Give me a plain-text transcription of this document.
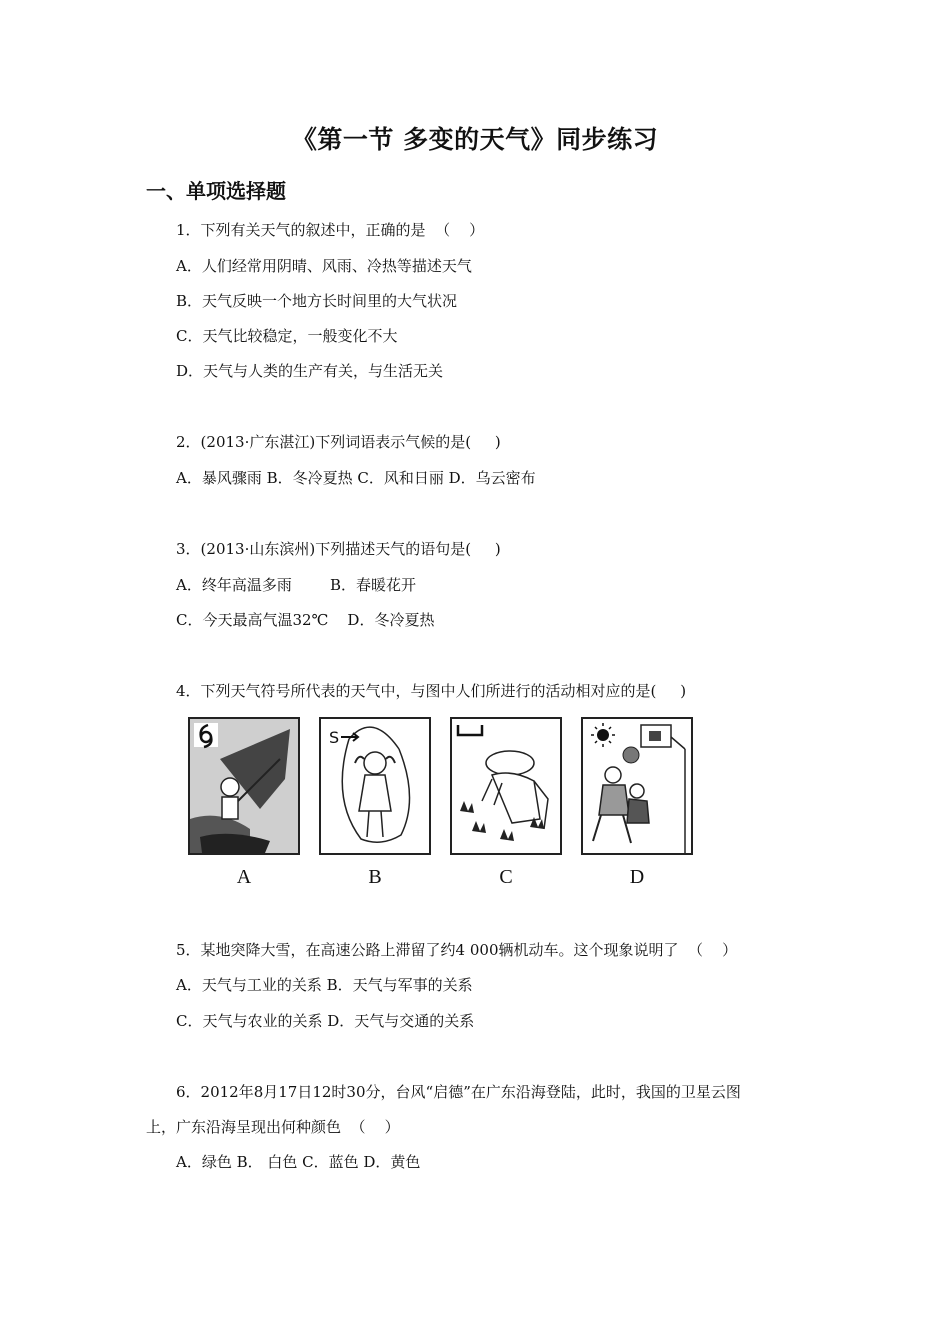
《第一节 多变的天气》同步练习
一、单项选择题
1．下列有关天气的叙述中，正确的是  （    ）
A．人们经常用阴晴、风雨、冷热等描述天气
B．天气反映一个地方长时间里的大气状况
C．天气比较稳定，一般变化不大
D．天气与人类的生产有关，与生活无关
2．(2013·广东湛江)下列词语表示气候的是(     )
A．暴风骤雨 B．冬冷夏热 C．风和日丽 D．乌云密布
3．(2013·山东滨州)下列描述天气的语句是(     )
A．终年高温多雨        B．春暖花开
C．今天最高气温32℃    D．冬冷夏热
4．下列天气符号所代表的天气中，与图中人们所进行的活动相对应的是(     )
S
A	B	C	D
5．某地突降大雪，在高速公路上滞留了约4 000辆机动车。这个现象说明了  （    ）
A．天气与工业的关系 B．天气与军事的关系
C．天气与农业的关系 D．天气与交通的关系
6．2012年8月17日12时30分，台风“启德”在广东沿海登陆，此时，我国的卫星云图
上，广东沿海呈现出何种颜色  （    ）
A．绿色 B． 白色 C．蓝色 D．黄色
